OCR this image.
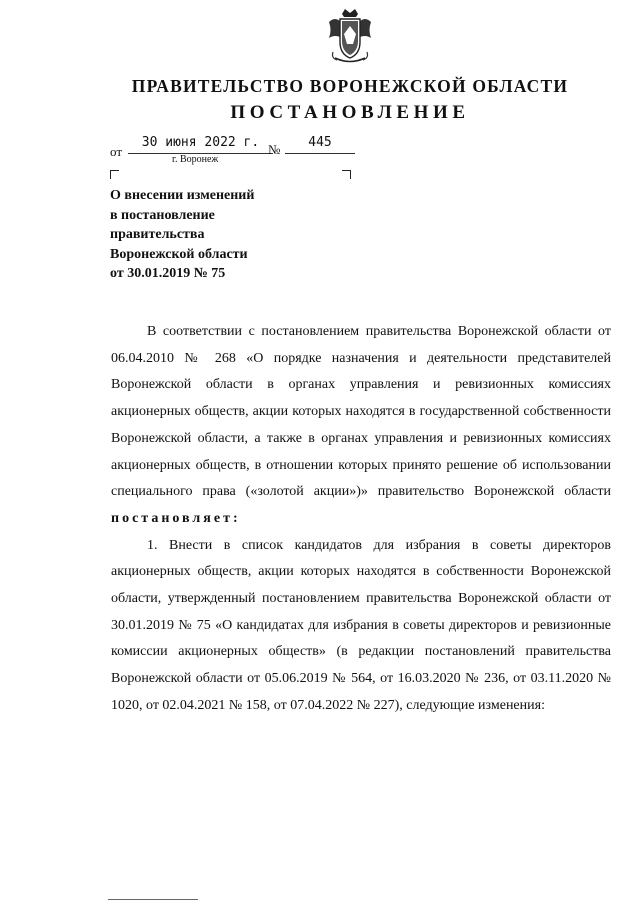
ПРАВИТЕЛЬСТВО ВОРОНЕЖСКОЙ ОБЛАСТИ
ПОСТАНОВЛЕНИЕ
от
30 июня 2022 г. №	445
г. Воронеж
О внесении изменений
в постановление
правительства
Воронежской области
от 30.01.2019 № 75

В соответствии с постановлением правительства Воронежской области от 06.04.2010 № 268 «О порядке назначения и деятельности представителей Воронежской области в органах управления и ревизионных комиссиях акционерных обществ, акции которых находятся в государственной собственности Воронежской области, а также в органах управления и ревизионных комиссиях акционерных обществ, в отношении которых принято решение об использовании специального права («золотой акции»)» правительство Воронежской области постановляет:

1. Внести в список кандидатов для избрания в советы директоров акционерных обществ, акции которых находятся в собственности Воронежской области, утвержденный постановлением правительства Воронежской области от 30.01.2019 № 75 «О кандидатах для избрания в советы директоров и ревизионные комиссии акционерных обществ» (в редакции постановлений правительства Воронежской области от 05.06.2019 № 564, от 16.03.2020 № 236, от 03.11.2020 № 1020, от 02.04.2021 № 158, от 07.04.2022 № 227), следующие изменения:
